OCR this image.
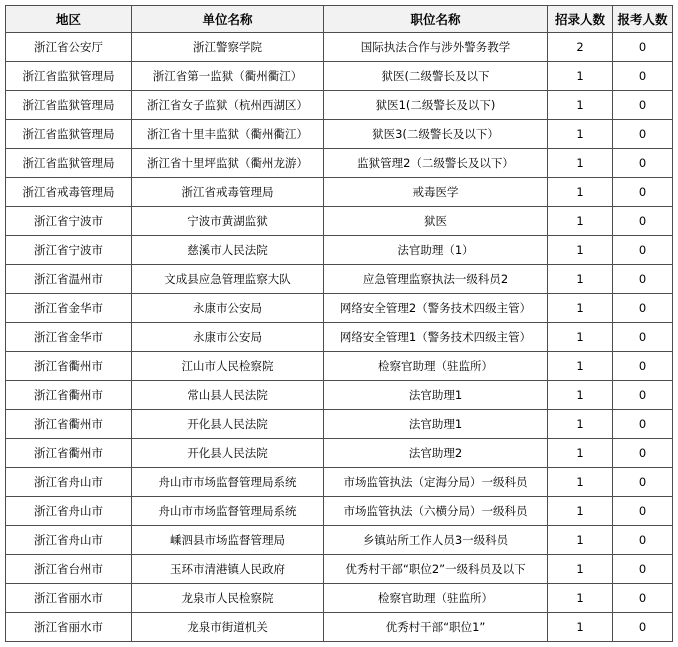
地区	单位名称	职位名称	招录人数	报考人数
浙江省公安厅	浙江警察学院	国际执法合作与涉外警务教学	2	0
浙江省监狱管理局	浙江省第一监狱（衢州衢江）	狱医(二级警长及以下	1	0
浙江省监狱管理局	浙江省女子监狱（杭州西湖区）	狱医1(二级警长及以下)	1	0
浙江省监狱管理局	浙江省十里丰监狱（衢州衢江）	狱医3(二级警长及以下）	1	0
浙江省监狱管理局	浙江省十里坪监狱（衢州龙游）	监狱管理2（二级警长及以下）	1	0
浙江省戒毒管理局	浙江省戒毒管理局	戒毒医学	1	0
浙江省宁波市	宁波市黄湖监狱	狱医	1	0
浙江省宁波市	慈溪市人民法院	法官助理（1）	1	0
浙江省温州市	文成县应急管理监察大队	应急管理监察执法一级科员2	1	0
浙江省金华市	永康市公安局	网络安全管理2（警务技术四级主管）	1	0
浙江省金华市	永康市公安局	网络安全管理1（警务技术四级主管）	1	0
浙江省衢州市	江山市人民检察院	检察官助理（驻监所）	1	0
浙江省衢州市	常山县人民法院	法官助理1	1	0
浙江省衢州市	开化县人民法院	法官助理1	1	0
浙江省衢州市	开化县人民法院	法官助理2	1	0
浙江省舟山市	舟山市市场监督管理局系统	市场监管执法（定海分局）一级科员	1	0
浙江省舟山市	舟山市市场监督管理局系统	市场监管执法（六横分局）一级科员	1	0
浙江省舟山市	嵊泗县市场监督管理局	乡镇站所工作人员3一级科员	1	0
浙江省台州市	玉环市清港镇人民政府	优秀村干部“职位2”一级科员及以下	1	0
浙江省丽水市	龙泉市人民检察院	检察官助理（驻监所）	1	0
浙江省丽水市	龙泉市街道机关	优秀村干部“职位1”	1	0
